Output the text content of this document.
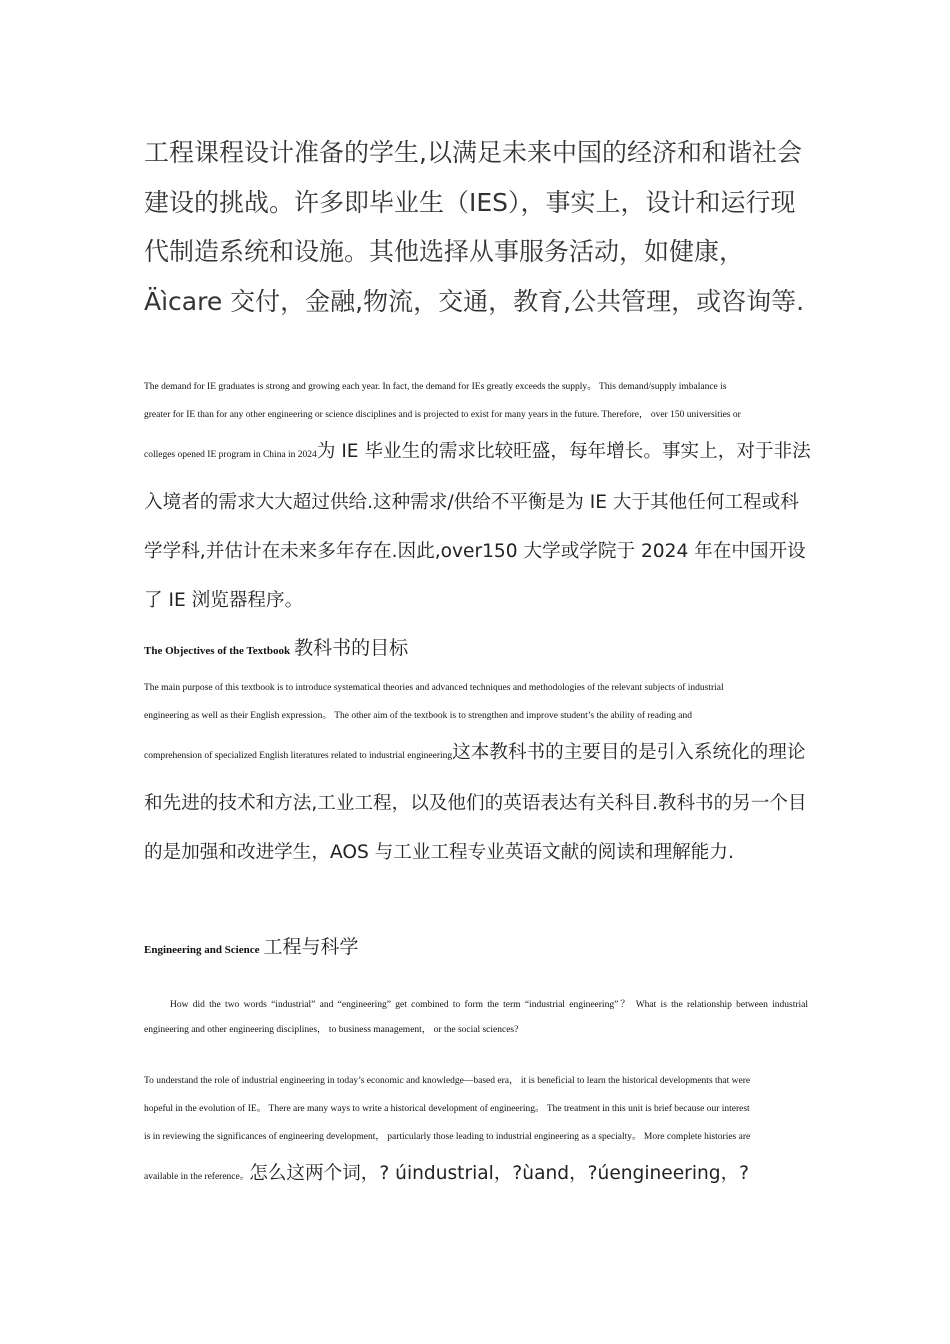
工程课程设计准备的学生,以满足未来中国的经济和和谐社会建设的挑战。许多即毕业生（IES），事实上，设计和运行现代制造系统和设施。其他选择从事服务活动，如健康，Äìcare 交付，金融,物流，交通，教育,公共管理，或咨询等.

The demand for IE graduates is strong and growing each year. In fact, the demand for IEs greatly exceeds the supply。 This demand/supply imbalance is
greater for IE than for any other engineering or science disciplines and is projected to exist for many years in the future. Therefore， over 150 universities or

colleges opened IE program in China in 2024为 IE 毕业生的需求比较旺盛，每年增长。事实上，对于非法入境者的需求大大超过供给.这种需求/供给不平衡是为 IE 大于其他任何工程或科学学科,并估计在未来多年存在.因此,over150 大学或学院于 2024 年在中国开设了 IE 浏览器程序。

The Objectives of the Textbook 教科书的目标

The main purpose of this textbook is to introduce systematical theories and advanced techniques and methodologies of the relevant subjects of industrial
engineering as well as their English expression。 The other aim of the textbook is to strengthen and improve student’s the ability of reading and

comprehension of specialized English literatures related to industrial engineering这本教科书的主要目的是引入系统化的理论和先进的技术和方法,工业工程，以及他们的英语表达有关科目.教科书的另一个目的是加强和改进学生，AOS 与工业工程专业英语文献的阅读和理解能力.

Engineering and Science 工程与科学

How did the two words “industrial” and “engineering” get combined to form the term “industrial engineering”？ What is the relationship between industrial engineering and other engineering disciplines， to business management， or the social sciences?

To understand the role of industrial engineering in today’s economic and knowledge—based era， it is beneficial to learn the historical developments that were
hopeful in the evolution of IE。 There are many ways to write a historical development of engineering。 The treatment in this unit is brief because our interest
is in reviewing the significances of engineering development， particularly those leading to industrial engineering as a specialty。 More complete histories are

available in the reference。怎么这两个词，? úindustrial，?ùand，?úengineering，?
